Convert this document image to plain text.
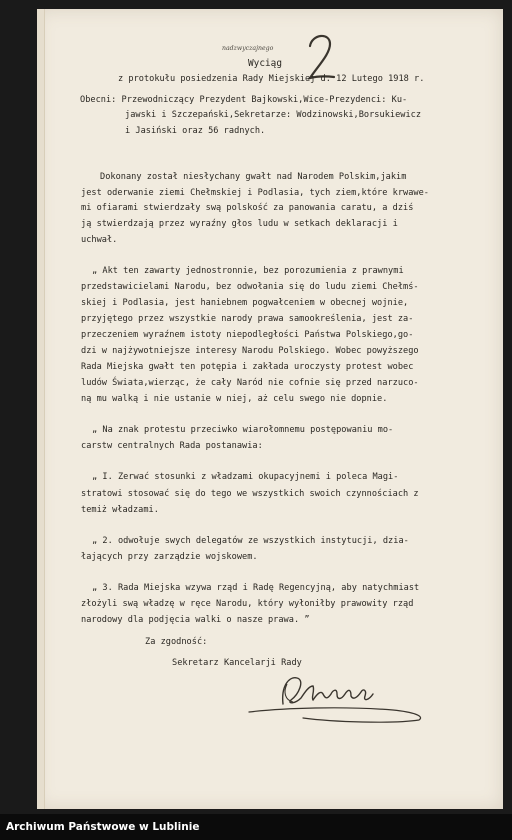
2
nadzwyczajnego
Wyciąg
z protokułu posiedzenia Rady Miejskiej d. 12 Lutego 1918 r.
Obecni: Przewodniczący Prezydent Bajkowski,Wice-Prezydenci: Ku-
jawski i Szczepański,Sekretarze: Wodzinowski,Borsukiewicz
i Jasiński oraz 56 radnych.
Dokonany został niesłychany gwałt nad Narodem Polskim,jakim
jest oderwanie ziemi Chełmskiej i Podlasia, tych ziem,które krwawe-
mi ofiarami stwierdzały swą polskość za panowania caratu, a dziś
ją stwierdzają przez wyraźny głos ludu w setkach deklaracji i
uchwał.
„ Akt ten zawarty jednostronnie, bez porozumienia z prawnymi
przedstawicielami Narodu, bez odwołania się do ludu ziemi Chełmś-
skiej i Podlasia, jest haniebnem pogwałceniem w obecnej wojnie,
przyjętego przez wszystkie narody prawa samookreślenia, jest za-
przeczeniem wyraźnem istoty niepodległości Państwa Polskiego,go-
dzi w najżywotniejsze interesy Narodu Polskiego. Wobec powyższego
Rada Miejska gwałt ten potępia i zakłada uroczysty protest wobec
ludów Świata,wierząc, że cały Naród nie cofnie się przed narzuco-
ną mu walką i nie ustanie w niej, aż celu swego nie dopnie.
„ Na znak protestu przeciwko wiarołomnemu postępowaniu mo-
carstw centralnych Rada postanawia:
„ I. Zerwać stosunki z władzami okupacyjnemi i poleca Magi-
stratowi stosować się do tego we wszystkich swoich czynnościach z
temiż władzami.
„ 2. odwołuje swych delegatów ze wszystkich instytucji, dzia-
łających przy zarządzie wojskowem.
„ 3. Rada Miejska wzywa rząd i Radę Regencyjną, aby natychmiast
złożyli swą władzę w ręce Narodu, który wyłoniłby prawowity rząd
narodowy dla podjęcia walki o nasze prawa. ”
Za zgodność:
Sekretarz Kancelarji Rady
Archiwum Państwowe w Lublinie
